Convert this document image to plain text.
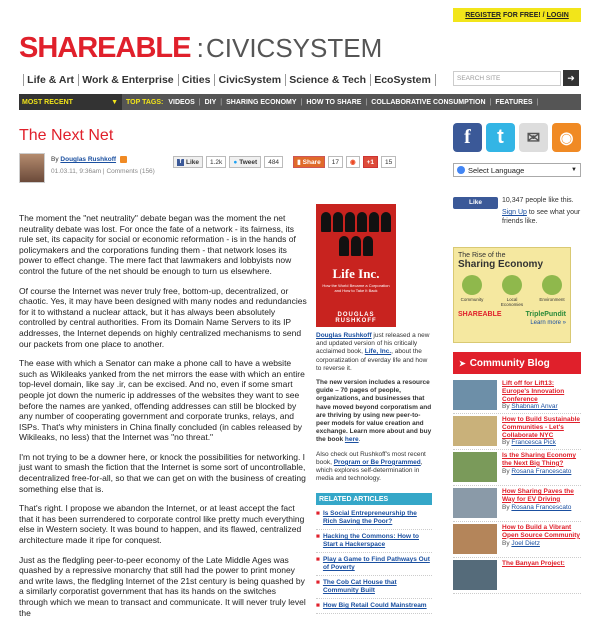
REGISTER FOR FREE! / LOGIN
SHAREABLE : CIVICSYSTEM
Life & Art Work & Enterprise Cities CivicSystem Science & Tech EcoSystem	SEARCH SITE	➜
MOST RECENT	▼ TOP TAGS: VIDEOS | DIY | SHARING ECONOMY | HOW TO SHARE | COLLABORATIVE CONSUMPTION | FEATURES |
The Next Net
By Douglas Rushkoff
01.03.11, 9:36am | Comments (156)
f Like	1.2k	● Tweet	484	▮ Share	17	◉	+1	15

The moment the "net neutrality" debate began was the moment the net neutrality debate was lost. For once the fate of a network - its fairness, its rule set, its capacity for social or economic reformation - is in the hands of policymakers and the corporations funding them - that network loses its power to effect change. The mere fact that lawmakers and lobbyists now control the future of the net should be enough to turn us elsewhere.

Of course the Internet was never truly free, bottom-up, decentralized, or chaotic. Yes, it may have been designed with many nodes and redundancies for it to withstand a nuclear attack, but it has always been absolutely controlled by central authorities. From its Domain Name Servers to its IP addresses, the Internet depends on highly centralized mechanisms to send our packets from one place to another.

The ease with which a Senator can make a phone call to have a website such as Wikileaks yanked from the net mirrors the ease with which an entire top-level domain, like say .ir, can be excised. And no, even if some smart people jot down the numeric ip addresses of the websites they want to see before the names are yanked, offending addresses can still be blocked by any number of cooperating government and corporate trunks, relays, and ISPs. That's why ministers in China finally concluded (in cables released by Wikileaks, no less) that the Internet was "no threat."

I'm not trying to be a downer here, or knock the possibilities for networking. I just want to smash the fiction that the Internet is some sort of uncontrollable, decentralized free-for-all, so that we can get on with the business of creating something else that is.

That's right. I propose we abandon the Internet, or at least accept the fact that it has been surrendered to corporate control like pretty much everything else in Western society. It was bound to happen, and its flawed, centralized architecture made it ripe for conquest.

Just as the fledgling peer-to-peer economy of the Late Middle Ages was quashed by a repressive monarchy that still had the power to print money and write laws, the fledgling Internet of the 21st century is being quashed by a similarly corporatist government that has its hands on the switches through which we mean to transact and communicate. It will never truly level the

Life Inc.
How the World Became a Corporation and How to Take It Back
DOUGLAS RUSHKOFF

Douglas Rushkoff just released a new and updated version of his critically acclaimed book, Life, Inc., about the corporatization of everday life and how to reverse it.

The new version includes a resource guide – 70 pages of people, organizations, and businesses that have moved beyond corporatism and are thriving by using new peer-to-peer models for value creation and exchange. Learn more about and buy the book here.

Also check out Rushkoff's most recent book, Program or Be Programmed, which explores self-determination in media and technology.

RELATED ARTICLES
■ Is Social Entrepreneurship the Rich Saving the Poor?
■ Hacking the Commons: How to Start a Hackerspace
■ Play a Game to Find Pathways Out of Poverty
■ The Cob Cat House that Community Built
■ How Big Retail Could Mainstream
f	t	✉	◉
Select Language	▼
Like	10,347 people like this.
Sign Up to see what your
friends like.
The Rise of the
Sharing Economy
Community	Local Economies
Environment
SHAREABLE	TriplePundit
Learn more »
➤ Community Blog
Lift off for Lift13: Europe's Innovation Conference
By Shabnam Anvar
How to Build Sustainable Communities - Let's Collaborate NYC
By Francesca Pick
Is the Sharing Economy the Next Big Thing?
By Rosana Francescato
How Sharing Paves the Way for EV Driving
By Rosana Francescato
How to Build a Vibrant Open Source Community
By Joel Dietz
The Banyan Project:
